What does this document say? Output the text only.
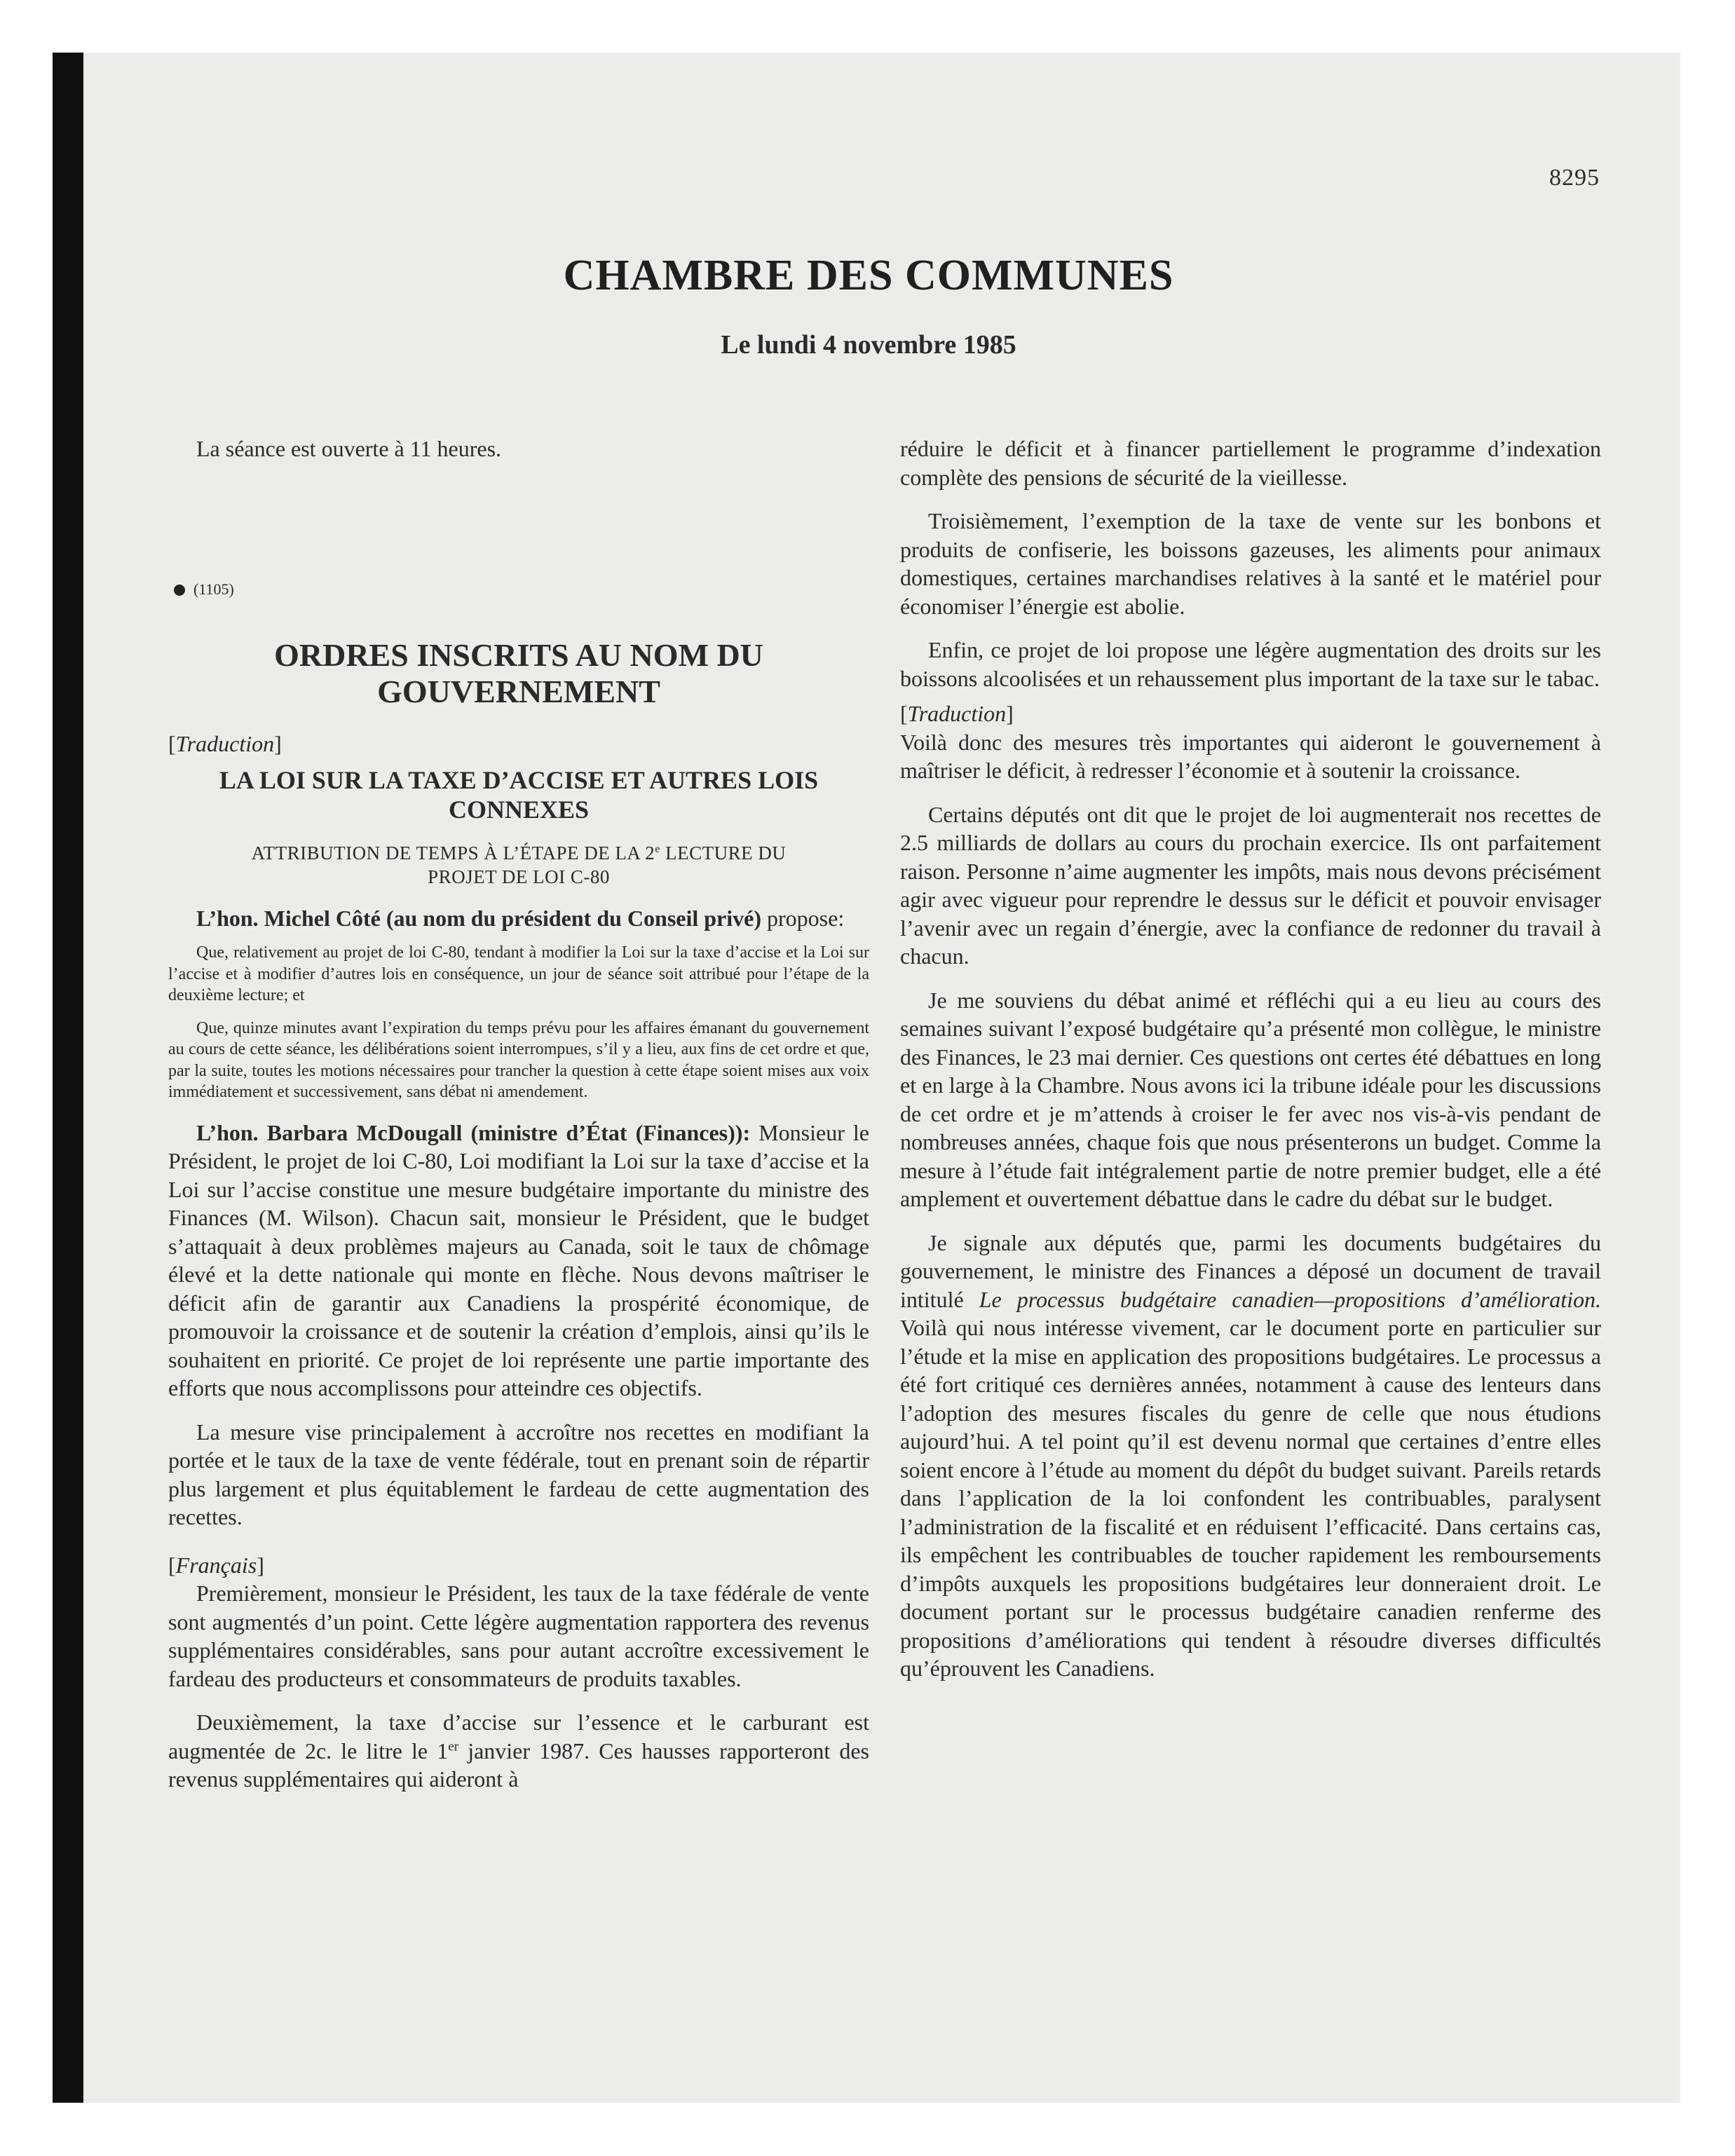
8295
CHAMBRE DES COMMUNES
Le lundi 4 novembre 1985

La séance est ouverte à 11 heures.

(1105)

ORDRES INSCRITS AU NOM DU
GOUVERNEMENT

[Traduction]

LA LOI SUR LA TAXE D’ACCISE ET AUTRES LOIS
CONNEXES

ATTRIBUTION DE TEMPS À L’ÉTAPE DE LA 2e LECTURE DU
PROJET DE LOI C-80

L’hon. Michel Côté (au nom du président du Conseil privé) propose:

Que, relativement au projet de loi C-80, tendant à modifier la Loi sur la taxe d’accise et la Loi sur l’accise et à modifier d’autres lois en conséquence, un jour de séance soit attribué pour l’étape de la deuxième lecture; et

Que, quinze minutes avant l’expiration du temps prévu pour les affaires émanant du gouvernement au cours de cette séance, les délibérations soient interrompues, s’il y a lieu, aux fins de cet ordre et que, par la suite, toutes les motions nécessaires pour trancher la question à cette étape soient mises aux voix immédiatement et successivement, sans débat ni amendement.

L’hon. Barbara McDougall (ministre d’État (Finances)): Monsieur le Président, le projet de loi C-80, Loi modifiant la Loi sur la taxe d’accise et la Loi sur l’accise constitue une mesure budgétaire importante du ministre des Finances (M. Wilson). Chacun sait, monsieur le Président, que le budget s’attaquait à deux problèmes majeurs au Canada, soit le taux de chômage élevé et la dette nationale qui monte en flèche. Nous devons maîtriser le déficit afin de garantir aux Canadiens la prospérité économique, de promouvoir la croissance et de soutenir la création d’emplois, ainsi qu’ils le souhaitent en priorité. Ce projet de loi représente une partie importante des efforts que nous accomplissons pour atteindre ces objectifs.

La mesure vise principalement à accroître nos recettes en modifiant la portée et le taux de la taxe de vente fédérale, tout en prenant soin de répartir plus largement et plus équitablement le fardeau de cette augmentation des recettes.

[Français]

Premièrement, monsieur le Président, les taux de la taxe fédérale de vente sont augmentés d’un point. Cette légère augmentation rapportera des revenus supplémentaires considérables, sans pour autant accroître excessivement le fardeau des producteurs et consommateurs de produits taxables.

Deuxièmement, la taxe d’accise sur l’essence et le carburant est augmentée de 2c. le litre le 1er janvier 1987. Ces hausses rapporteront des revenus supplémentaires qui aideront à

réduire le déficit et à financer partiellement le programme d’indexation complète des pensions de sécurité de la vieillesse.

Troisièmement, l’exemption de la taxe de vente sur les bonbons et produits de confiserie, les boissons gazeuses, les aliments pour animaux domestiques, certaines marchandises relatives à la santé et le matériel pour économiser l’énergie est abolie.

Enfin, ce projet de loi propose une légère augmentation des droits sur les boissons alcoolisées et un rehaussement plus important de la taxe sur le tabac.

[Traduction]

Voilà donc des mesures très importantes qui aideront le gouvernement à maîtriser le déficit, à redresser l’économie et à soutenir la croissance.

Certains députés ont dit que le projet de loi augmenterait nos recettes de 2.5 milliards de dollars au cours du prochain exercice. Ils ont parfaitement raison. Personne n’aime augmenter les impôts, mais nous devons précisément agir avec vigueur pour reprendre le dessus sur le déficit et pouvoir envisager l’avenir avec un regain d’énergie, avec la confiance de redonner du travail à chacun.

Je me souviens du débat animé et réfléchi qui a eu lieu au cours des semaines suivant l’exposé budgétaire qu’a présenté mon collègue, le ministre des Finances, le 23 mai dernier. Ces questions ont certes été débattues en long et en large à la Chambre. Nous avons ici la tribune idéale pour les discussions de cet ordre et je m’attends à croiser le fer avec nos vis-à-vis pendant de nombreuses années, chaque fois que nous présenterons un budget. Comme la mesure à l’étude fait intégralement partie de notre premier budget, elle a été amplement et ouvertement débattue dans le cadre du débat sur le budget.

Je signale aux députés que, parmi les documents budgétaires du gouvernement, le ministre des Finances a déposé un document de travail intitulé Le processus budgétaire canadien—propositions d’amélioration. Voilà qui nous intéresse vivement, car le document porte en particulier sur l’étude et la mise en application des propositions budgétaires. Le processus a été fort critiqué ces dernières années, notamment à cause des lenteurs dans l’adoption des mesures fiscales du genre de celle que nous étudions aujourd’hui. A tel point qu’il est devenu normal que certaines d’entre elles soient encore à l’étude au moment du dépôt du budget suivant. Pareils retards dans l’application de la loi confondent les contribuables, paralysent l’administration de la fiscalité et en réduisent l’efficacité. Dans certains cas, ils empêchent les contribuables de toucher rapidement les remboursements d’impôts auxquels les propositions budgétaires leur donneraient droit. Le document portant sur le processus budgétaire canadien renferme des propositions d’améliorations qui tendent à résoudre diverses difficultés qu’éprouvent les Canadiens.
